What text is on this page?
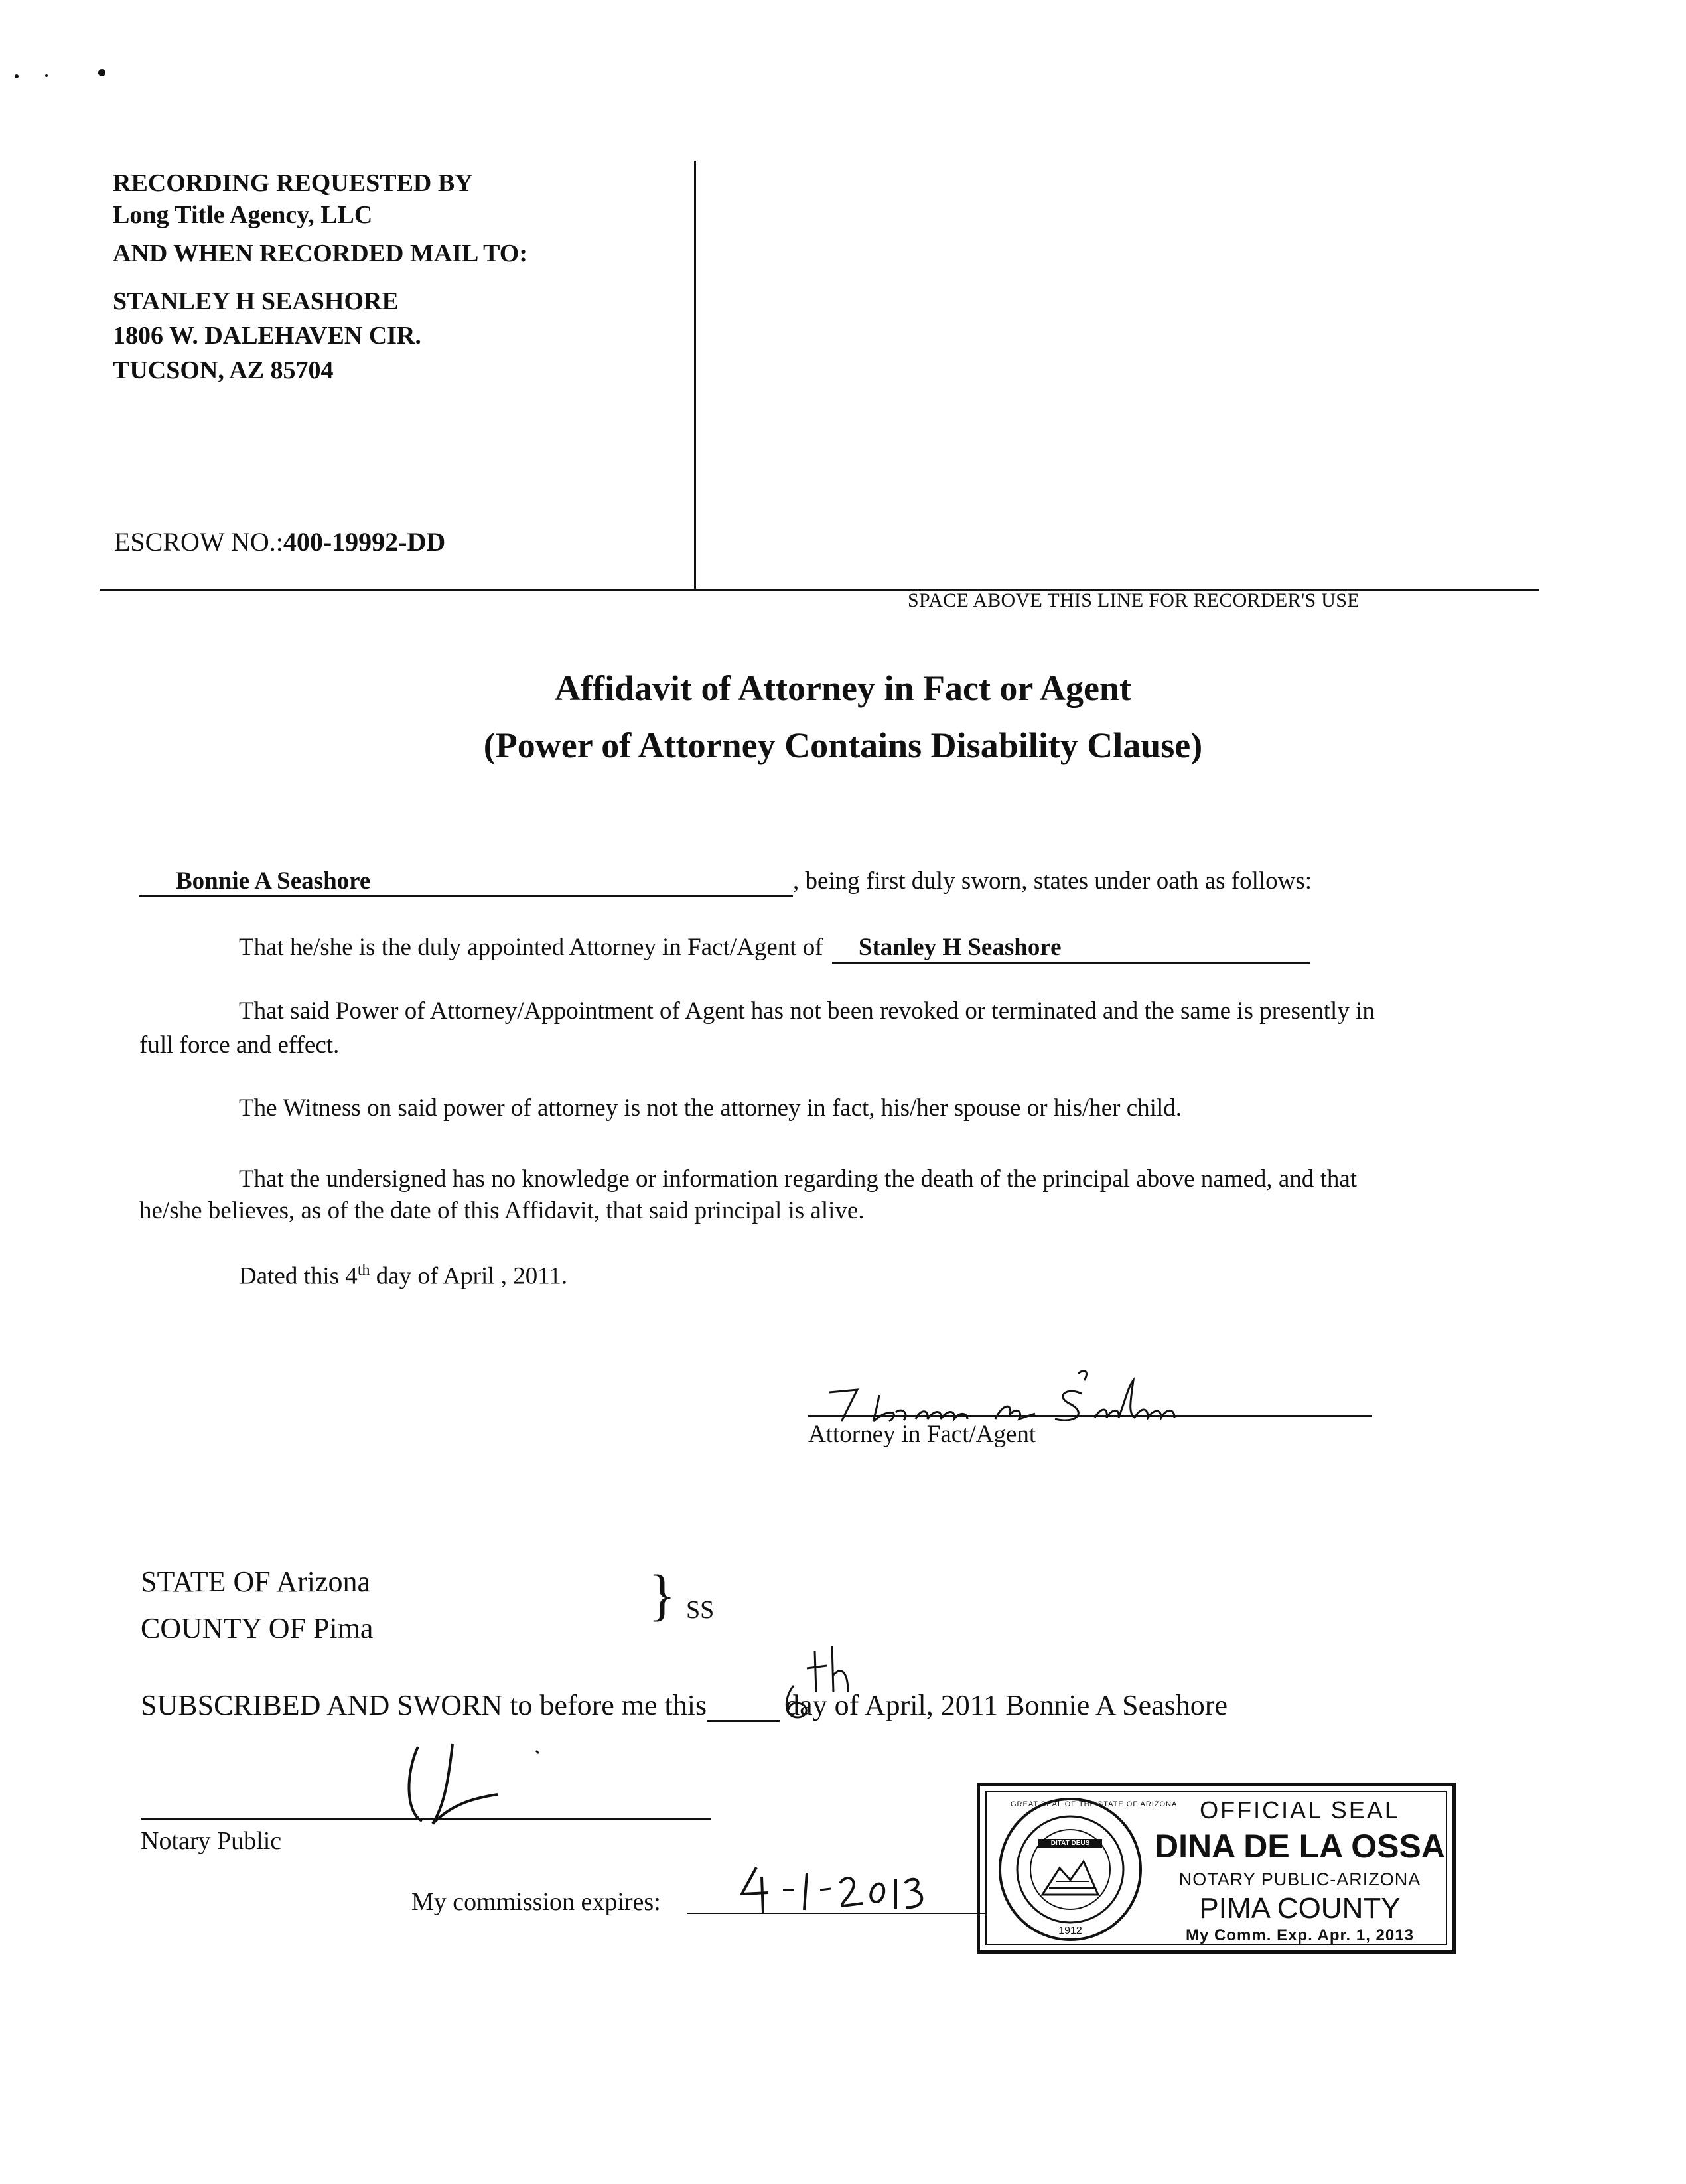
RECORDING REQUESTED BY
Long Title Agency, LLC
AND WHEN RECORDED MAIL TO:
STANLEY H SEASHORE
1806 W. DALEHAVEN CIR.
TUCSON, AZ 85704
ESCROW NO.:400-19992-DD
SPACE ABOVE THIS LINE FOR RECORDER'S USE
Affidavit of Attorney in Fact or Agent
(Power of Attorney Contains Disability Clause)
Bonnie A Seashore	, being first duly sworn, states under oath as follows:
That he/she is the duly appointed Attorney in Fact/Agent of Stanley H Seashore
That said Power of Attorney/Appointment of Agent has not been revoked or terminated and the same is presently in
full force and effect.
The Witness on said power of attorney is not the attorney in fact, his/her spouse or his/her child.
That the undersigned has no knowledge or information regarding the death of the principal above named, and that
he/she believes, as of the date of this Affidavit, that said principal is alive.
Dated this 4th day of April , 2011.
Attorney in Fact/Agent
STATE OF Arizona
COUNTY OF Pima
} SS
SUBSCRIBED AND SWORN to before me this	day of April, 2011 Bonnie A Seashore
Notary Public
My commission expires:
DITAT DEUS
GREAT SEAL OF THE STATE OF ARIZONA
1912
OFFICIAL SEAL
DINA DE LA OSSA
NOTARY PUBLIC-ARIZONA
PIMA COUNTY
My Comm. Exp. Apr. 1, 2013
